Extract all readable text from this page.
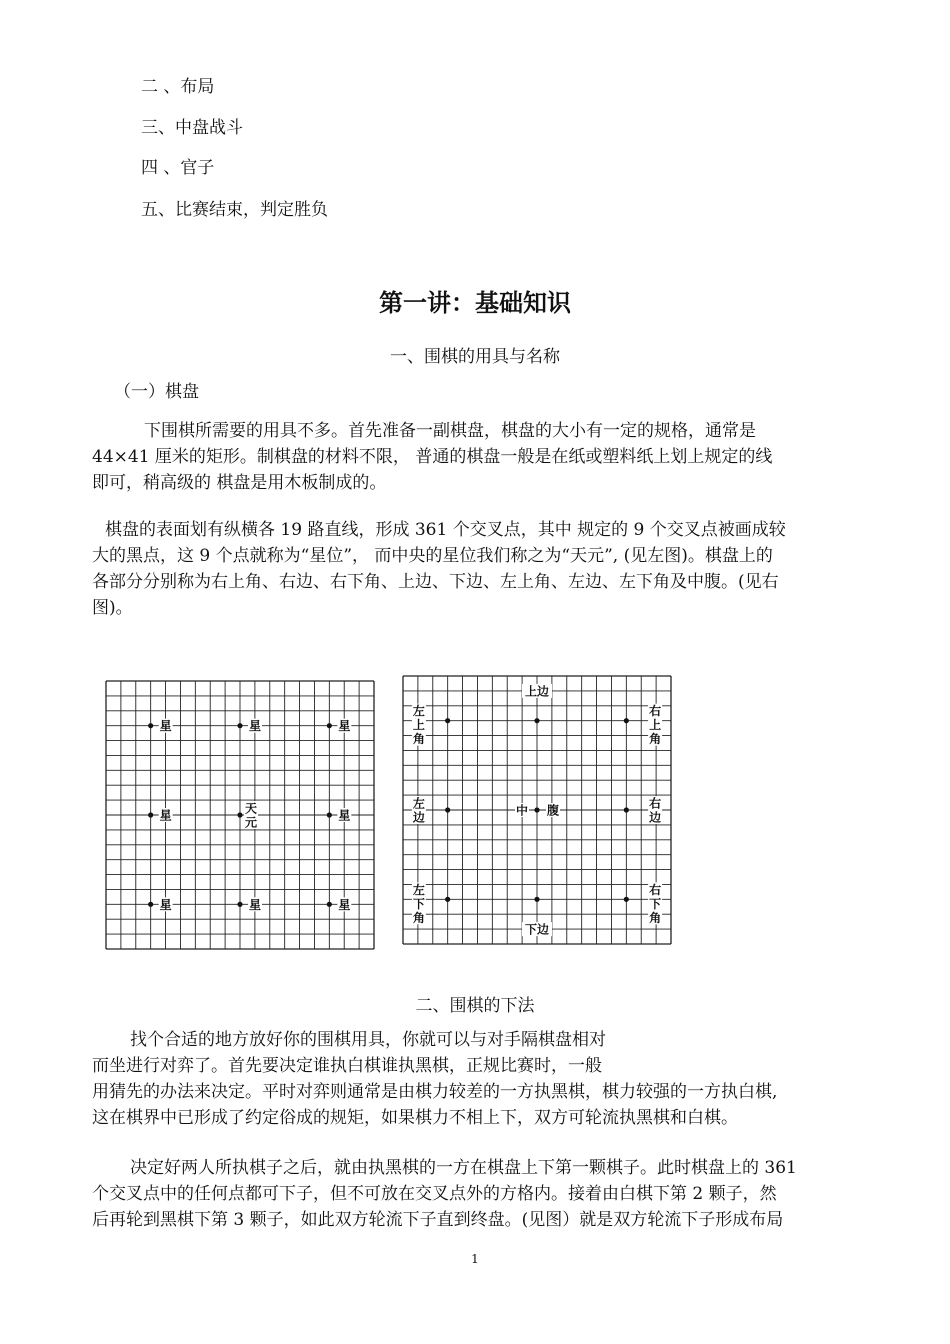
二 、布局
三、中盘战斗
四 、官子
五、比赛结束，判定胜负
第一讲：基础知识
一、围棋的用具与名称
（一）棋盘
下围棋所需要的用具不多。首先准备一副棋盘，棋盘的大小有一定的规格，通常是
44×41 厘米的矩形。制棋盘的材料不限， 普通的棋盘一般是在纸或塑料纸上划上规定的线
即可，稍高级的 棋盘是用木板制成的。
棋盘的表面划有纵横各 19 路直线，形成 361 个交叉点，其中 规定的 9 个交叉点被画成较
大的黑点，这 9 个点就称为“星位”， 而中央的星位我们称之为“天元”, (见左图)。棋盘上的
各部分分别称为右上角、右边、右下角、上边、下边、左上角、左边、左下角及中腹。(见右
图)。
星	星	星
星	天
元	星
星	星	星
左
上
角
右
上
角
左
边
右
边
左
下
角
右
下
角
上边
下边
中 腹
二、围棋的下法
找个合适的地方放好你的围棋用具，你就可以与对手隔棋盘相对
而坐进行对弈了。首先要决定谁执白棋谁执黑棋，正规比赛时，一般
用猜先的办法来决定。平时对弈则通常是由棋力较差的一方执黑棋，棋力较强的一方执白棋,
这在棋界中已形成了约定俗成的规矩，如果棋力不相上下，双方可轮流执黑棋和白棋。
决定好两人所执棋子之后，就由执黑棋的一方在棋盘上下第一颗棋子。此时棋盘上的 361
个交叉点中的任何点都可下子，但不可放在交叉点外的方格内。接着由白棋下第 2 颗子，然
后再轮到黑棋下第 3 颗子，如此双方轮流下子直到终盘。(见图）就是双方轮流下子形成布局
1
